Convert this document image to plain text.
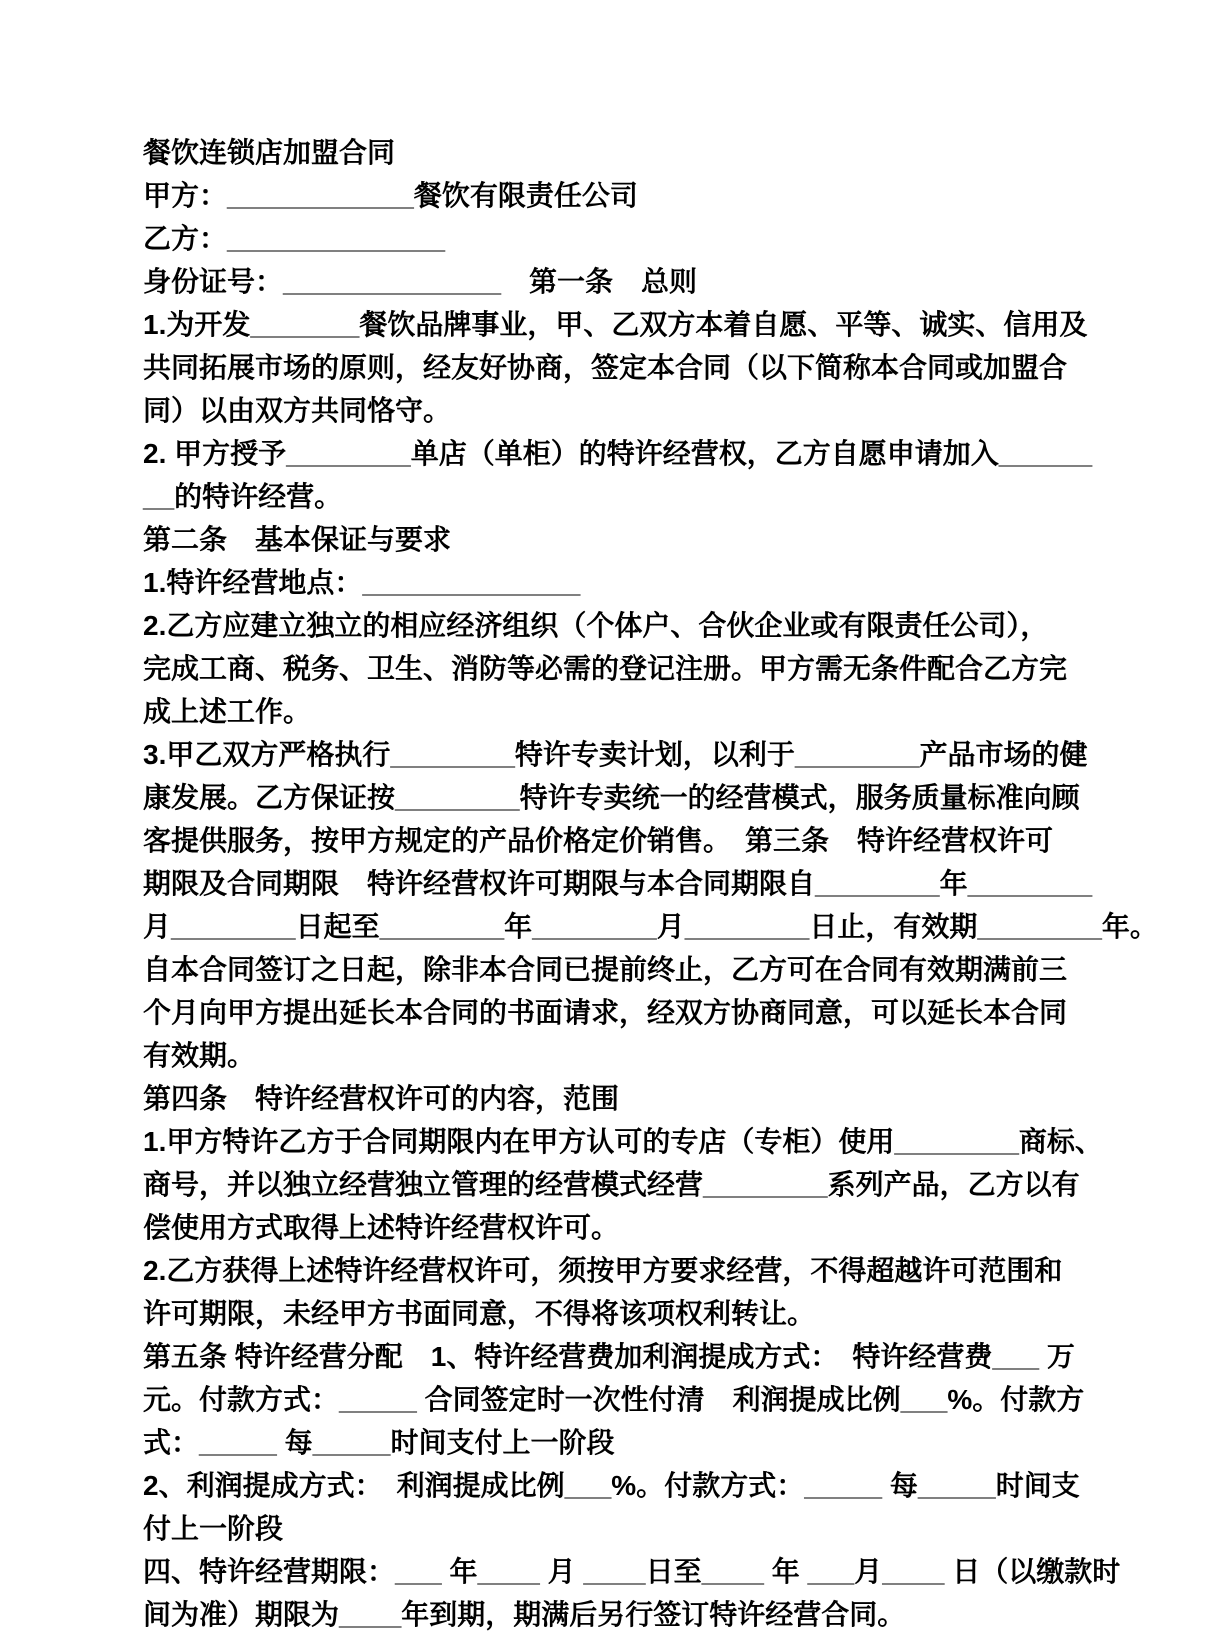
餐饮连锁店加盟合同
甲方：____________餐饮有限责任公司
乙方：______________
身份证号：______________　第一条　总则
1.为开发_______餐饮品牌事业，甲、乙双方本着自愿、平等、诚实、信用及
共同拓展市场的原则，经友好协商，签定本合同（以下简称本合同或加盟合
同）以由双方共同恪守。
2. 甲方授予________单店（单柜）的特许经营权，乙方自愿申请加入______
__的特许经营。
第二条　基本保证与要求
1.特许经营地点：______________
2.乙方应建立独立的相应经济组织（个体户、合伙企业或有限责任公司），
完成工商、税务、卫生、消防等必需的登记注册。甲方需无条件配合乙方完
成上述工作。
3.甲乙双方严格执行________特许专卖计划，以利于________产品市场的健
康发展。乙方保证按________特许专卖统一的经营模式，服务质量标准向顾
客提供服务，按甲方规定的产品价格定价销售。　第三条　特许经营权许可
期限及合同期限　特许经营权许可期限与本合同期限自________年________
月________日起至________年________月________日止，有效期________年。
自本合同签订之日起，除非本合同已提前终止，乙方可在合同有效期满前三
个月向甲方提出延长本合同的书面请求，经双方协商同意，可以延长本合同
有效期。
第四条　特许经营权许可的内容，范围
1.甲方特许乙方于合同期限内在甲方认可的专店（专柜）使用________商标、
商号，并以独立经营独立管理的经营模式经营________系列产品，乙方以有
偿使用方式取得上述特许经营权许可。
2.乙方获得上述特许经营权许可，须按甲方要求经营，不得超越许可范围和
许可期限，未经甲方书面同意，不得将该项权利转让。
第五条 特许经营分配　1、特许经营费加利润提成方式：　特许经营费___ 万
元。付款方式：_____ 合同签定时一次性付清　利润提成比例___%。付款方
式：_____ 每_____时间支付上一阶段
2、利润提成方式：　利润提成比例___%。付款方式：_____ 每_____时间支
付上一阶段
四、特许经营期限：___ 年____ 月 ____日至____ 年 ___月____ 日（以缴款时
间为准）期限为____年到期，期满后另行签订特许经营合同。
